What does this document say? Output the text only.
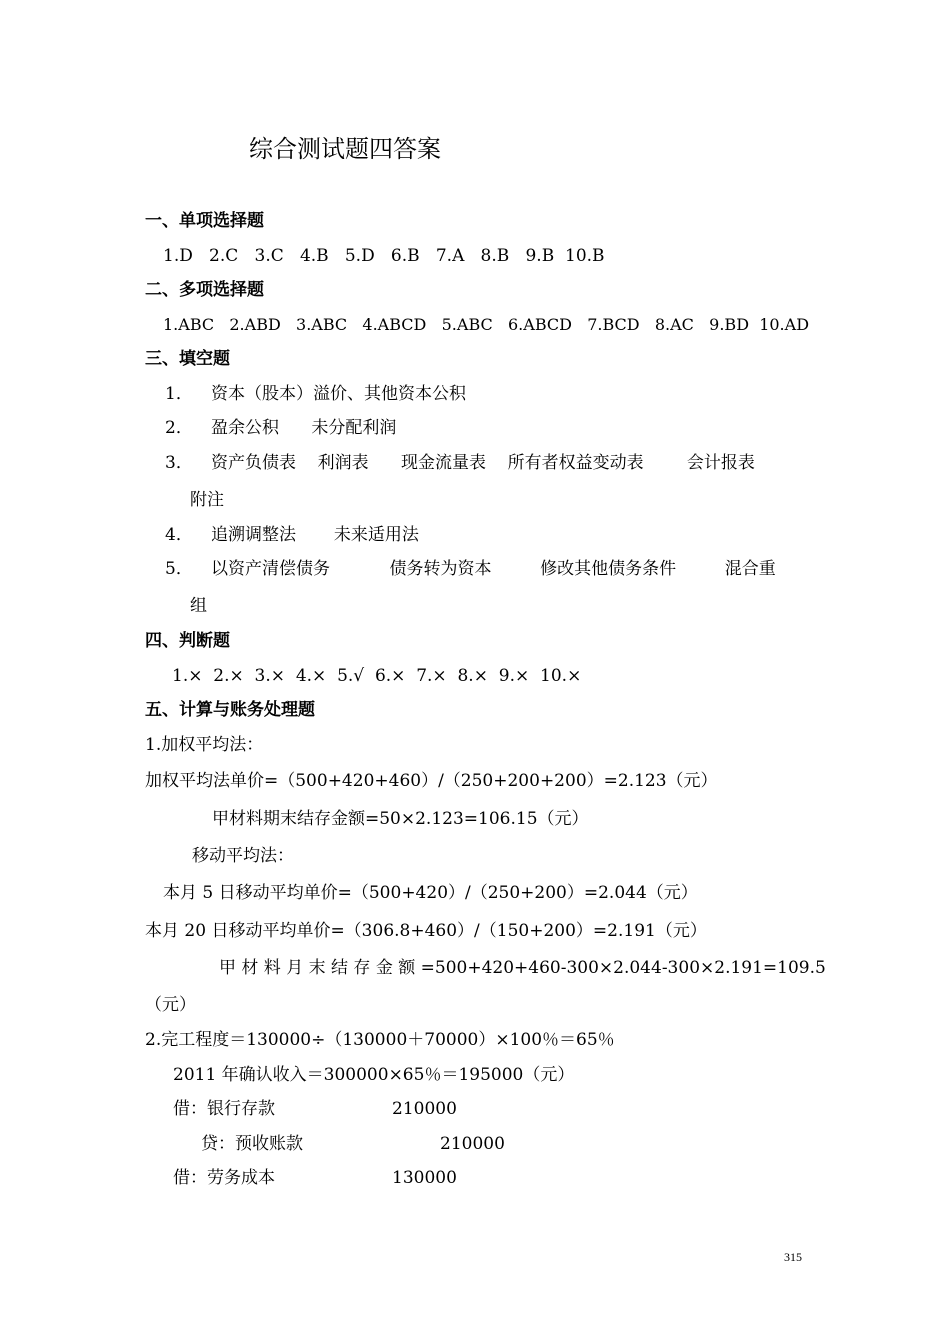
综合测试题四答案
一、单项选择题
1.D   2.C   3.C   4.B   5.D   6.B   7.A   8.B   9.B  10.B
二、多项选择题
1.ABC   2.ABD   3.ABC   4.ABCD   5.ABC   6.ABCD   7.BCD   8.AC   9.BD  10.AD
三、填空题
1． 资本（股本）溢价、其他资本公积
2． 盈余公积      未分配利润
3． 资产负债表    利润表      现金流量表    所有者权益变动表        会计报表
附注
4． 追溯调整法       未来适用法
5． 以资产清偿债务           债务转为资本         修改其他债务条件         混合重
组
四、判断题
1.×  2.×  3.×  4.×  5.√  6.×  7.×  8.×  9.×  10.×
五、计算与账务处理题
1.加权平均法：
加权平均法单价=（500+420+460）/（250+200+200）=2.123（元）
甲材料期末结存金额=50×2.123=106.15（元）
移动平均法：
本月 5 日移动平均单价=（500+420）/（250+200）=2.044（元）
本月 20 日移动平均单价=（306.8+460）/（150+200）=2.191（元）
甲 材 料 月 末 结 存 金 额 =500+420+460-300×2.044-300×2.191=109.5
（元）
2.完工程度＝130000÷（130000＋70000）×100％＝65％
2011 年确认收入＝300000×65％＝195000（元）
借：银行存款	210000
贷：预收账款	210000
借：劳务成本	130000
315
